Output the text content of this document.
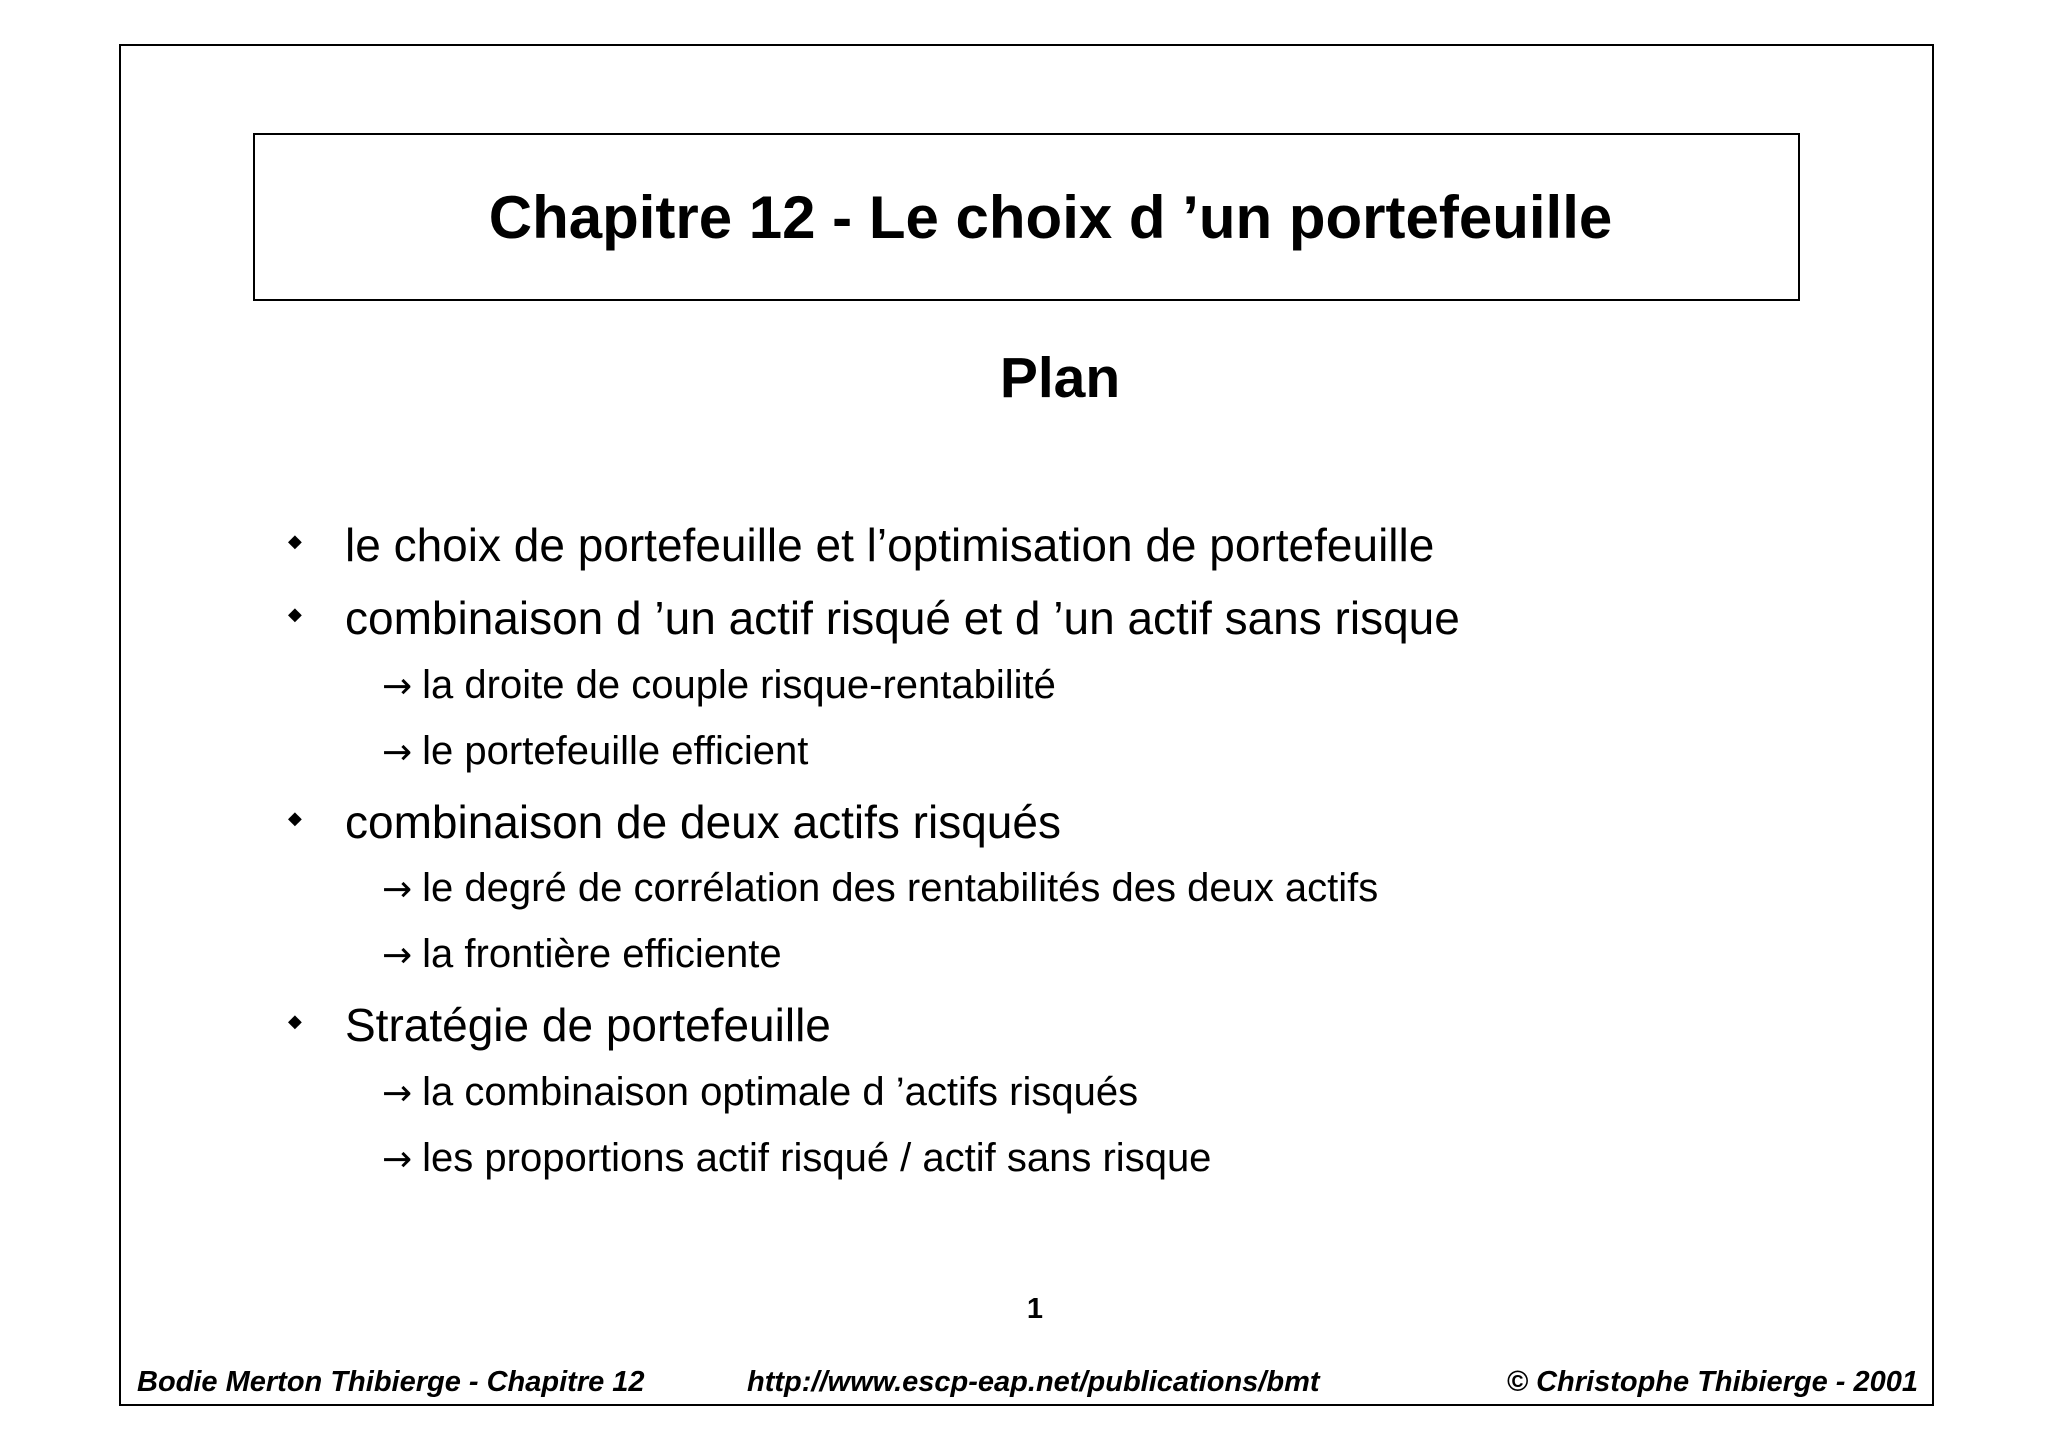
Chapitre 12 - Le choix d ’un portefeuille
Plan
◆ le choix de portefeuille et l’optimisation de portefeuille
◆ combinaison d ’un actif risqué et d ’un actif sans risque
→ la droite de couple risque-rentabilité
→ le portefeuille efficient
◆ combinaison de deux actifs risqués
→ le degré de corrélation des rentabilités des deux actifs
→ la frontière efficiente
◆ Stratégie de portefeuille
→ la combinaison optimale d ’actifs risqués
→ les proportions actif risqué / actif sans risque
1
Bodie Merton Thibierge - Chapitre 12	http://www.escp-eap.net/publications/bmt	© Christophe Thibierge - 2001
